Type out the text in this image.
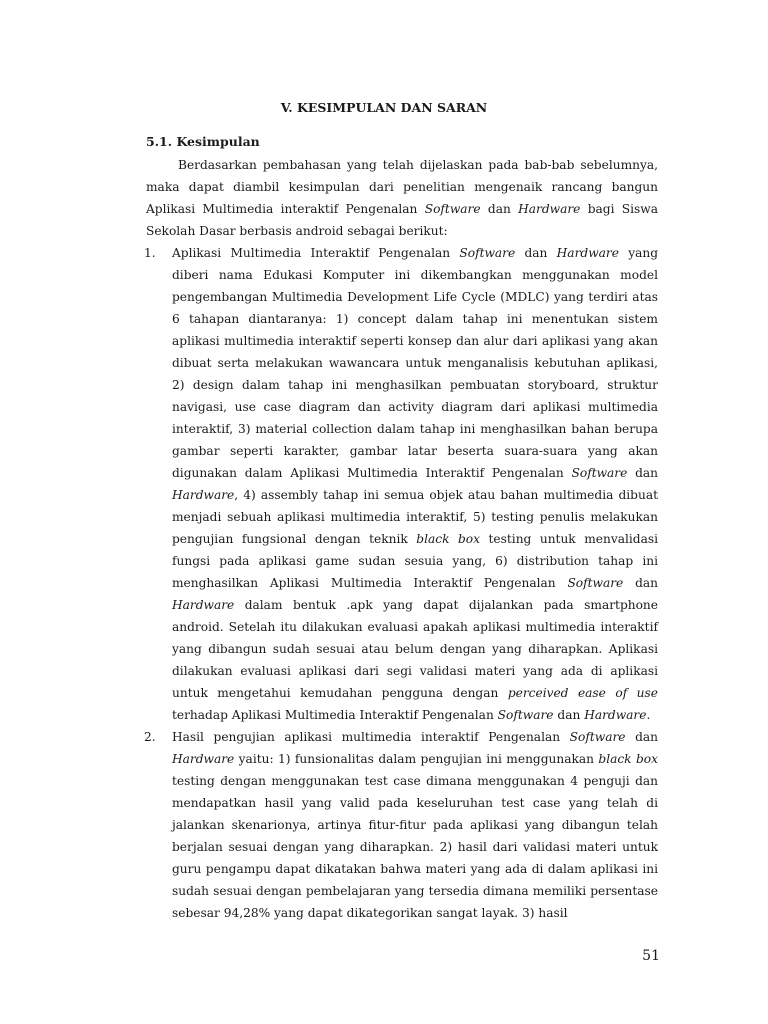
V. KESIMPULAN DAN SARAN
5.1. Kesimpulan

Berdasarkan pembahasan yang telah dijelaskan pada bab-bab sebelumnya, maka dapat diambil kesimpulan dari penelitian mengenaik rancang bangun Aplikasi Multimedia interaktif Pengenalan Software dan Hardware bagi Siswa Sekolah Dasar berbasis android sebagai berikut:

1. Aplikasi Multimedia Interaktif Pengenalan Software dan Hardware yang diberi nama Edukasi Komputer ini dikembangkan menggunakan model pengembangan Multimedia Development Life Cycle (MDLC) yang terdiri atas 6 tahapan diantaranya: 1) concept dalam tahap ini menentukan sistem aplikasi multimedia interaktif seperti konsep dan alur dari aplikasi yang akan dibuat serta melakukan wawancara untuk menganalisis kebutuhan aplikasi, 2) design dalam tahap ini menghasilkan pembuatan storyboard, struktur navigasi, use case diagram dan activity diagram dari aplikasi multimedia interaktif, 3) material collection dalam tahap ini menghasilkan bahan berupa gambar seperti karakter, gambar latar beserta suara-suara yang akan digunakan dalam Aplikasi Multimedia Interaktif Pengenalan Software dan Hardware, 4) assembly tahap ini semua objek atau bahan multimedia dibuat menjadi sebuah aplikasi multimedia interaktif, 5) testing penulis melakukan pengujian fungsional dengan teknik black box testing untuk menvalidasi fungsi pada aplikasi game sudan sesuia yang, 6) distribution tahap ini menghasilkan Aplikasi Multimedia Interaktif Pengenalan Software dan Hardware dalam bentuk .apk yang dapat dijalankan pada smartphone android. Setelah itu dilakukan evaluasi apakah aplikasi multimedia interaktif yang dibangun sudah sesuai atau belum dengan yang diharapkan. Aplikasi dilakukan evaluasi aplikasi dari segi validasi materi yang ada di aplikasi untuk mengetahui kemudahan pengguna dengan perceived ease of use terhadap Aplikasi Multimedia Interaktif Pengenalan Software dan Hardware.
2. Hasil pengujian aplikasi multimedia interaktif Pengenalan Software dan Hardware yaitu: 1) funsionalitas dalam pengujian ini menggunakan black box testing dengan menggunakan test case dimana menggunakan 4 penguji dan mendapatkan hasil yang valid pada keseluruhan test case yang telah di jalankan skenarionya, artinya fitur-fitur pada aplikasi yang dibangun telah berjalan sesuai dengan yang diharapkan. 2) hasil dari validasi materi untuk guru pengampu dapat dikatakan bahwa materi yang ada di dalam aplikasi ini sudah sesuai dengan pembelajaran yang tersedia dimana memiliki persentase sebesar 94,28% yang dapat dikategorikan sangat layak. 3) hasil
51
